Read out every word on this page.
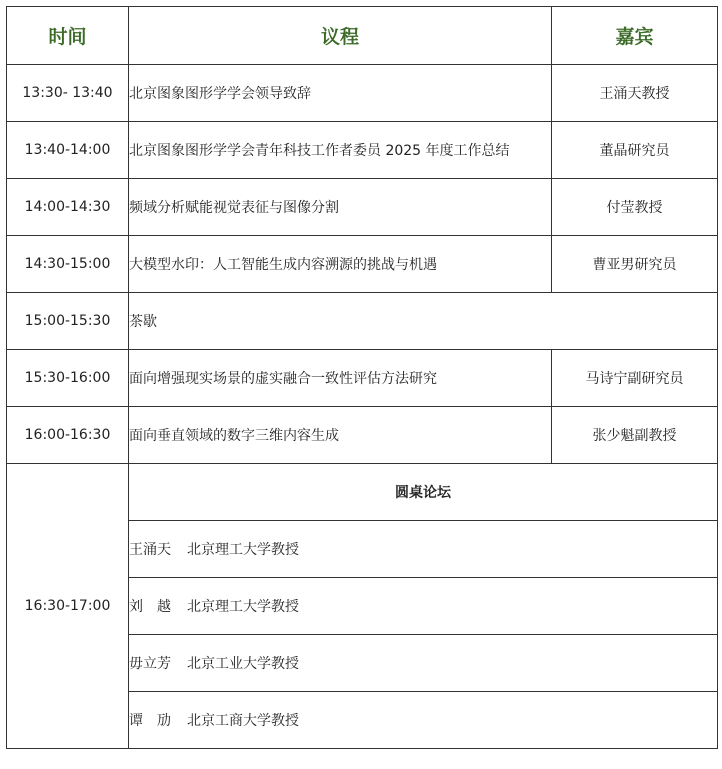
时间	议程	嘉宾
13:30- 13:40	北京图象图形学学会领导致辞	王涌天教授
13:40-14:00	北京图象图形学学会青年科技工作者委员 2025 年度工作总结	董晶研究员
14:00-14:30	频域分析赋能视觉表征与图像分割	付莹教授
14:30-15:00	大模型水印：人工智能生成内容溯源的挑战与机遇	曹亚男研究员
15:00-15:30	茶歇	
15:30-16:00	面向增强现实场景的虚实融合一致性评估方法研究	马诗宁副研究员
16:00-16:30	面向垂直领域的数字三维内容生成	张少魁副教授
16:30-17:00	圆桌论坛	
	王涌天 北京理工大学教授	
	刘　越 北京理工大学教授	
	毋立芳 北京工业大学教授	
	谭　劢 北京工商大学教授	
